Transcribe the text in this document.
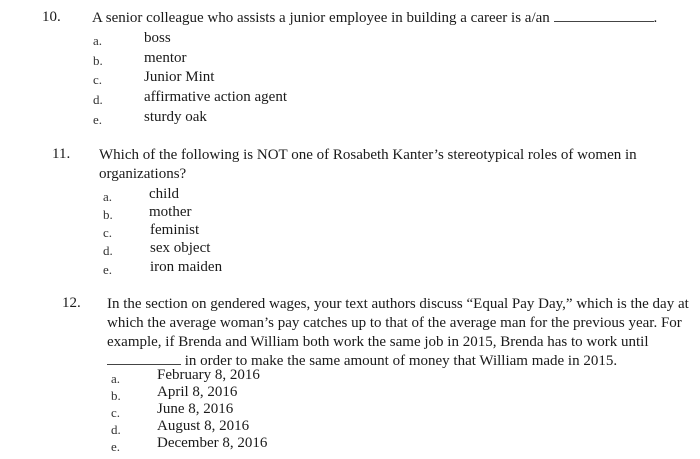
10. A senior colleague who assists a junior employee in building a career is a/an	.
a.	boss
b.	mentor
c.	Junior Mint
d.	affirmative action agent
e.	sturdy oak
11. Which of the following is NOT one of Rosabeth Kanter’s stereotypical roles of women in
organizations?
a. child
b. mother
c.	feminist
d. sex object
e.	iron maiden
12. In the section on gendered wages, your text authors discuss “Equal Pay Day,” which is the day at
which the average woman’s pay catches up to that of the average man for the previous year. For
example, if Brenda and William both work the same job in 2015, Brenda has to work until
in order to make the same amount of money that William made in 2015.
a. February 8, 2016
b. April 8, 2016
c. June 8, 2016
d. August 8, 2016
e. December 8, 2016
